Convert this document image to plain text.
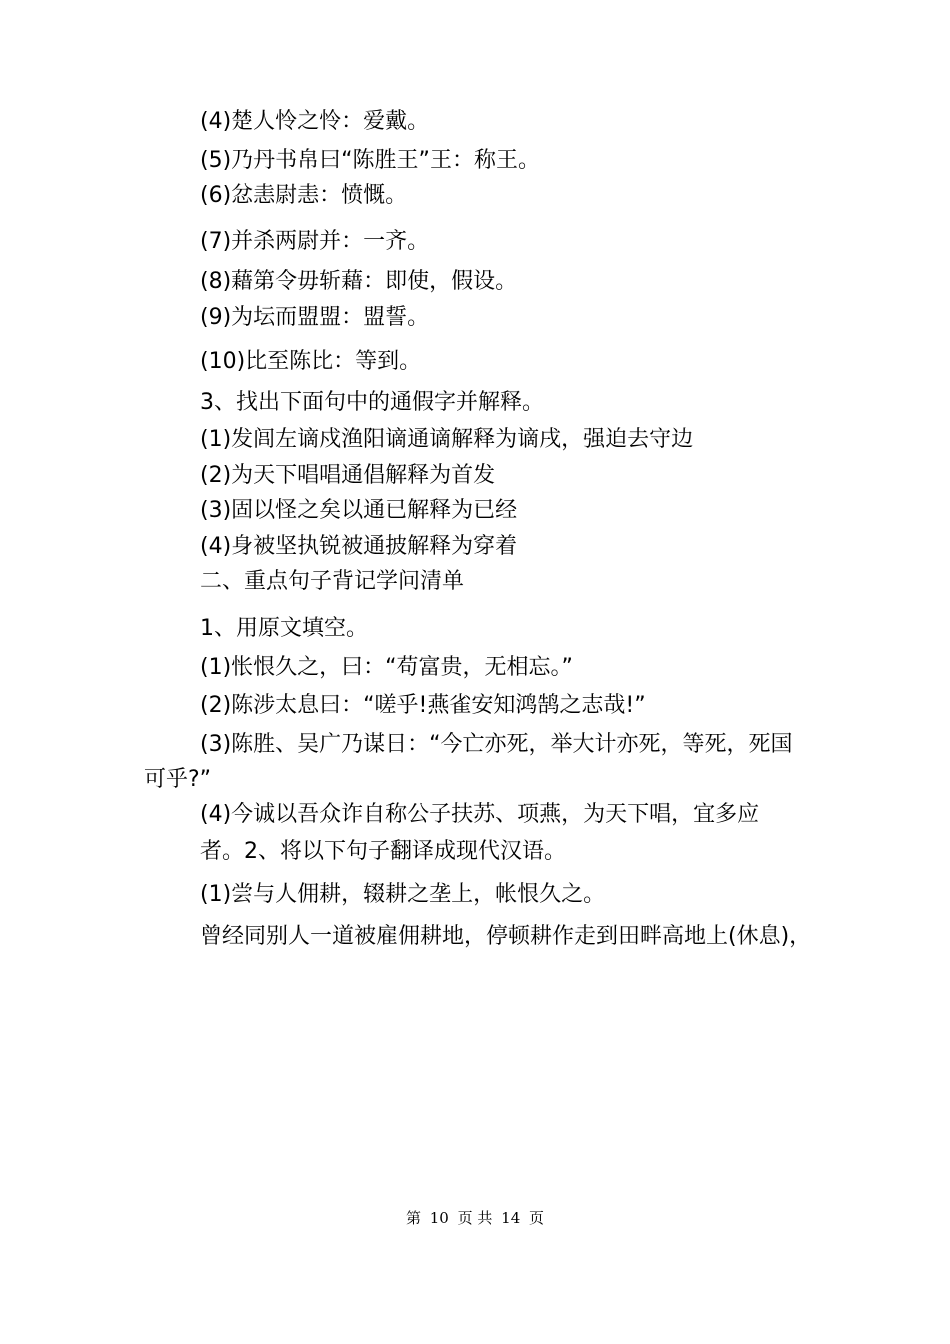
(4)楚人怜之怜：爱戴。
(5)乃丹书帛曰“陈胜王”王：称王。
(6)忿恚尉恚：愤慨。
(7)并杀两尉并：一齐。
(8)藉第令毋斩藉：即使，假设。
(9)为坛而盟盟：盟誓。
(10)比至陈比：等到。
3、找出下面句中的通假字并解释。
(1)发闾左谪戍渔阳谪通谪解释为谪戌，强迫去守边
(2)为天下唱唱通倡解释为首发
(3)固以怪之矣以通已解释为已经
(4)身被坚执锐被通披解释为穿着
二、重点句子背记学问清单
1、用原文填空。
(1)怅恨久之，曰：“苟富贵，无相忘。”
(2)陈涉太息曰：“嗟乎!燕雀安知鸿鹄之志哉!”
(3)陈胜、吴广乃谋日：“今亡亦死，举大计亦死，等死，死国
可乎?”
(4)今诚以吾众诈自称公子扶苏、项燕，为天下唱，宜多应
者。2、将以下句子翻译成现代汉语。
(1)尝与人佣耕，辍耕之垄上，帐恨久之。
曾经同别人一道被雇佣耕地，停顿耕作走到田畔高地上(休息)，
第 10 页 共 14 页
